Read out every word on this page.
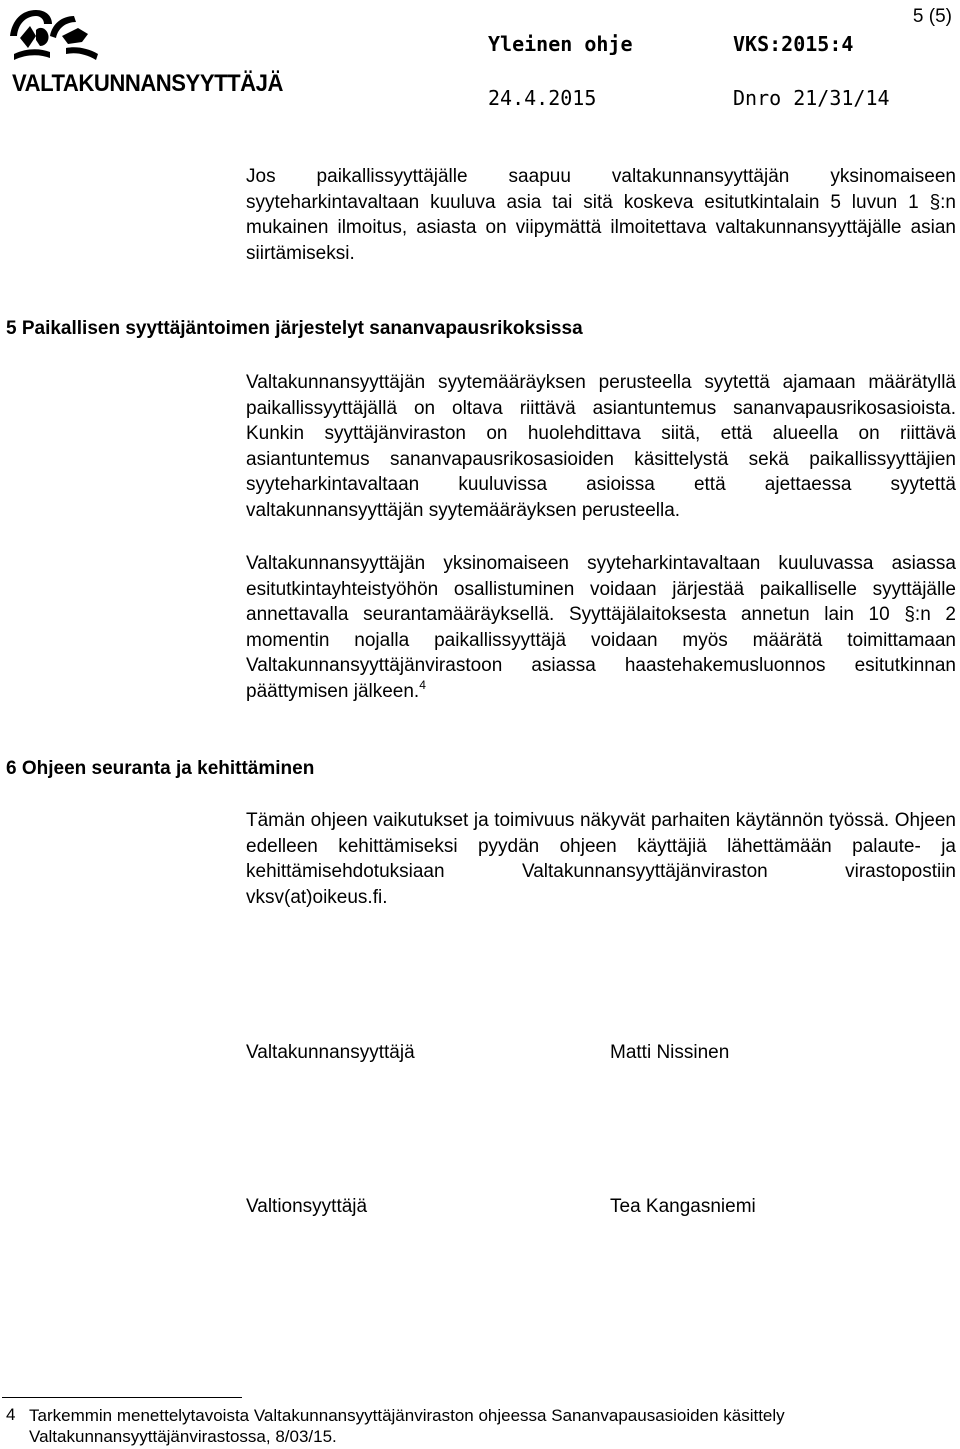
VALTAKUNNANSYYTTÄJÄ
Yleinen ohje	VKS:2015:4
24.4.2015	Dnro 21/31/14
5 (5)

Jos paikallissyyttäjälle saapuu valtakunnansyyttäjän yksinomaiseen syyteharkintavaltaan kuuluva asia tai sitä koskeva esitutkintalain 5 luvun 1 §:n mukainen ilmoitus, asiasta on viipymättä ilmoitettava valtakunnansyyttäjälle asian siirtämiseksi.

5 Paikallisen syyttäjäntoimen järjestelyt sananvapausrikoksissa

Valtakunnansyyttäjän syytemääräyksen perusteella syytettä ajamaan määrätyllä paikallissyyttäjällä on oltava riittävä asiantuntemus sananvapausrikosasioista. Kunkin syyttäjänviraston on huolehdittava siitä, että alueella on riittävä asiantuntemus sananvapausrikosasioiden käsittelystä sekä paikallissyyttäjien syyteharkintavaltaan kuuluvissa asioissa että ajettaessa syytettä valtakunnansyyttäjän syytemääräyksen perusteella.

Valtakunnansyyttäjän yksinomaiseen syyteharkintavaltaan kuuluvassa asiassa esitutkintayhteistyöhön osallistuminen voidaan järjestää paikalliselle syyttäjälle annettavalla seurantamääräyksellä. Syyttäjälaitoksesta annetun lain 10 §:n 2 momentin nojalla paikallissyyttäjä voidaan myös määrätä toimittamaan Valtakunnansyyttäjänvirastoon asiassa haastehakemusluonnos esitutkinnan päättymisen jälkeen.$^4$

6 Ohjeen seuranta ja kehittäminen

Tämän ohjeen vaikutukset ja toimivuus näkyvät parhaiten käytännön työssä. Ohjeen edelleen kehittämiseksi pyydän ohjeen käyttäjiä lähettämään palaute- ja kehittämisehdotuksiaan Valtakunnansyyttäjänviraston virastopostiin vksv(at)oikeus.fi.

Valtakunnansyyttäjä	Matti Nissinen
Valtionsyyttäjä	Tea Kangasniemi
4 Tarkemmin menettelytavoista Valtakunnansyyttäjänviraston ohjeessa Sananvapausasioiden käsittely Valtakunnansyyttäjänvirastossa, 8/03/15.
